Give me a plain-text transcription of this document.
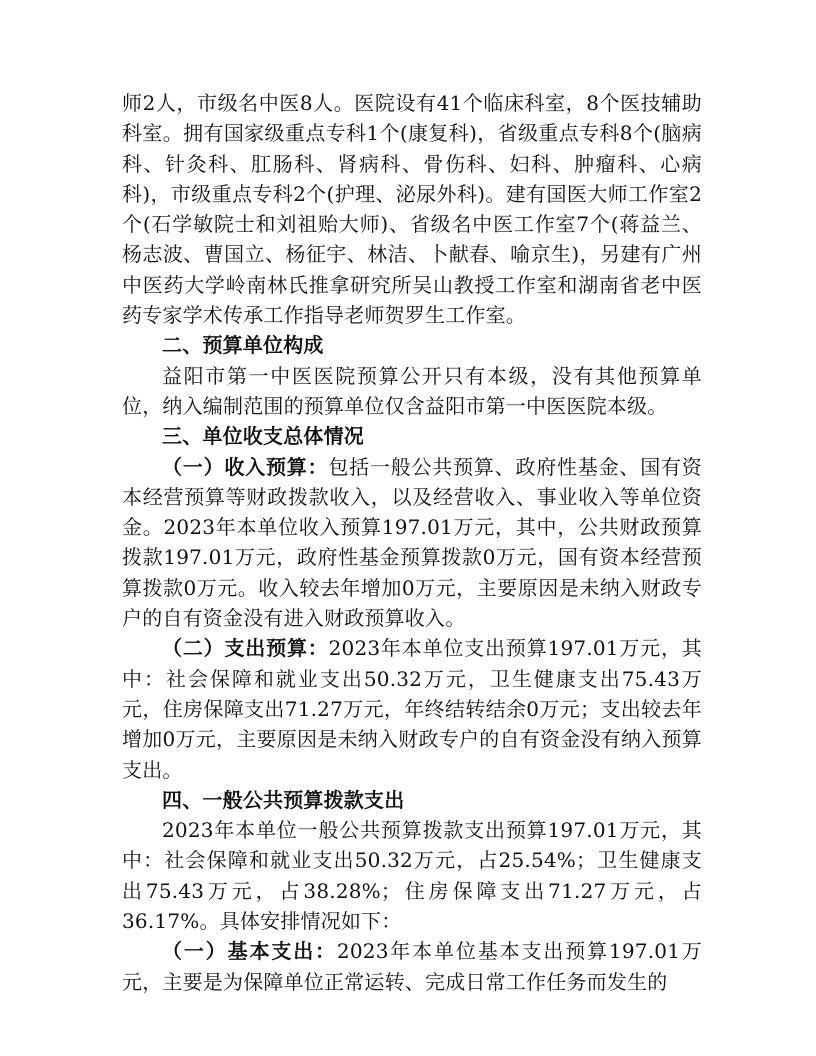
师2人，市级名中医8人。医院设有41个临床科室，8个医技辅助科室。拥有国家级重点专科1个(康复科)，省级重点专科8个(脑病科、针灸科、肛肠科、肾病科、骨伤科、妇科、肿瘤科、心病科)，市级重点专科2个(护理、泌尿外科)。建有国医大师工作室2个(石学敏院士和刘祖贻大师)、省级名中医工作室7个(蒋益兰、杨志波、曹国立、杨征宇、林洁、卜献春、喻京生)，另建有广州中医药大学岭南林氏推拿研究所吴山教授工作室和湖南省老中医药专家学术传承工作指导老师贺罗生工作室。

二、预算单位构成

益阳市第一中医医院预算公开只有本级，没有其他预算单位，纳入编制范围的预算单位仅含益阳市第一中医医院本级。

三、单位收支总体情况

（一）收入预算：包括一般公共预算、政府性基金、国有资本经营预算等财政拨款收入，以及经营收入、事业收入等单位资金。2023年本单位收入预算197.01万元，其中，公共财政预算拨款197.01万元，政府性基金预算拨款0万元，国有资本经营预算拨款0万元。收入较去年增加0万元，主要原因是未纳入财政专户的自有资金没有进入财政预算收入。

（二）支出预算：2023年本单位支出预算197.01万元，其中：社会保障和就业支出50.32万元，卫生健康支出75.43万元，住房保障支出71.27万元，年终结转结余0万元；支出较去年增加0万元，主要原因是未纳入财政专户的自有资金没有纳入预算支出。

四、一般公共预算拨款支出

2023年本单位一般公共预算拨款支出预算197.01万元，其中：社会保障和就业支出50.32万元，占25.54%；卫生健康支出75.43万元，占38.28%；住房保障支出71.27万元，占36.17%。具体安排情况如下：

（一）基本支出：2023年本单位基本支出预算197.01万元，主要是为保障单位正常运转、完成日常工作任务而发生的
